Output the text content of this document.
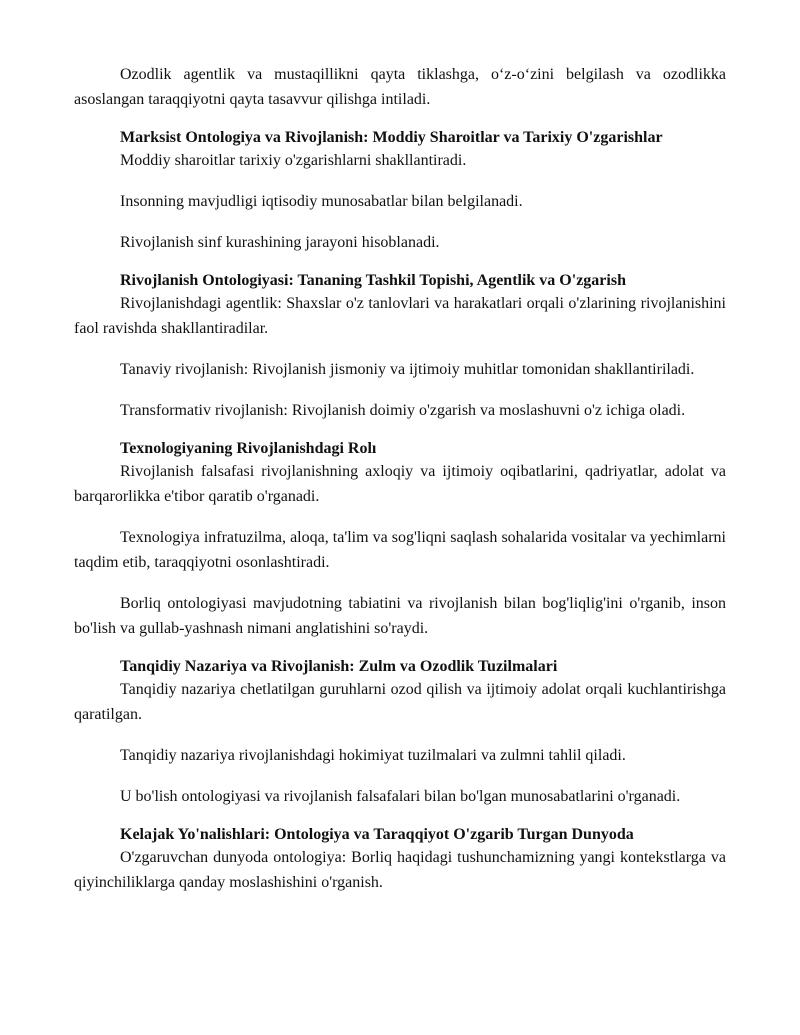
Ozodlik agentlik va mustaqillikni qayta tiklashga, o‘z-o‘zini belgilash va ozodlikka asoslangan taraqqiyotni qayta tasavvur qilishga intiladi.

Marksist Ontologiya va Rivojlanish: Moddiy Sharoitlar va Tarixiy O'zgarishlar

Moddiy sharoitlar tarixiy o'zgarishlarni shakllantiradi.

Insonning mavjudligi iqtisodiy munosabatlar bilan belgilanadi.

Rivojlanish sinf kurashining jarayoni hisoblanadi.

Rivojlanish Ontologiyasi: Tananing Tashkil Topishi, Agentlik va O'zgarish

Rivojlanishdagi agentlik: Shaxslar o'z tanlovlari va harakatlari orqali o'zlarining rivojlanishini faol ravishda shakllantiradilar.

Tanaviy rivojlanish: Rivojlanish jismoniy va ijtimoiy muhitlar tomonidan shakllantiriladi.

Transformativ rivojlanish: Rivojlanish doimiy o'zgarish va moslashuvni o'z ichiga oladi.

Texnologiyaning Rivojlanishdagi Rolı

Rivojlanish falsafasi rivojlanishning axloqiy va ijtimoiy oqibatlarini, qadriyatlar, adolat va barqarorlikka e'tibor qaratib o'rganadi.

Texnologiya infratuzilma, aloqa, ta'lim va sog'liqni saqlash sohalarida vositalar va yechimlarni taqdim etib, taraqqiyotni osonlashtiradi.

Borliq ontologiyasi mavjudotning tabiatini va rivojlanish bilan bog'liqlig'ini o'rganib, inson bo'lish va gullab-yashnash nimani anglatishini so'raydi.

Tanqidiy Nazariya va Rivojlanish: Zulm va Ozodlik Tuzilmalari

Tanqidiy nazariya chetlatilgan guruhlarni ozod qilish va ijtimoiy adolat orqali kuchlantirishga qaratilgan.

Tanqidiy nazariya rivojlanishdagi hokimiyat tuzilmalari va zulmni tahlil qiladi.

U bo'lish ontologiyasi va rivojlanish falsafalari bilan bo'lgan munosabatlarini o'rganadi.

Kelajak Yo'nalishlari: Ontologiya va Taraqqiyot O'zgarib Turgan Dunyoda

O'zgaruvchan dunyoda ontologiya: Borliq haqidagi tushunchamizning yangi kontekstlarga va qiyinchiliklarga qanday moslashishini o'rganish.
